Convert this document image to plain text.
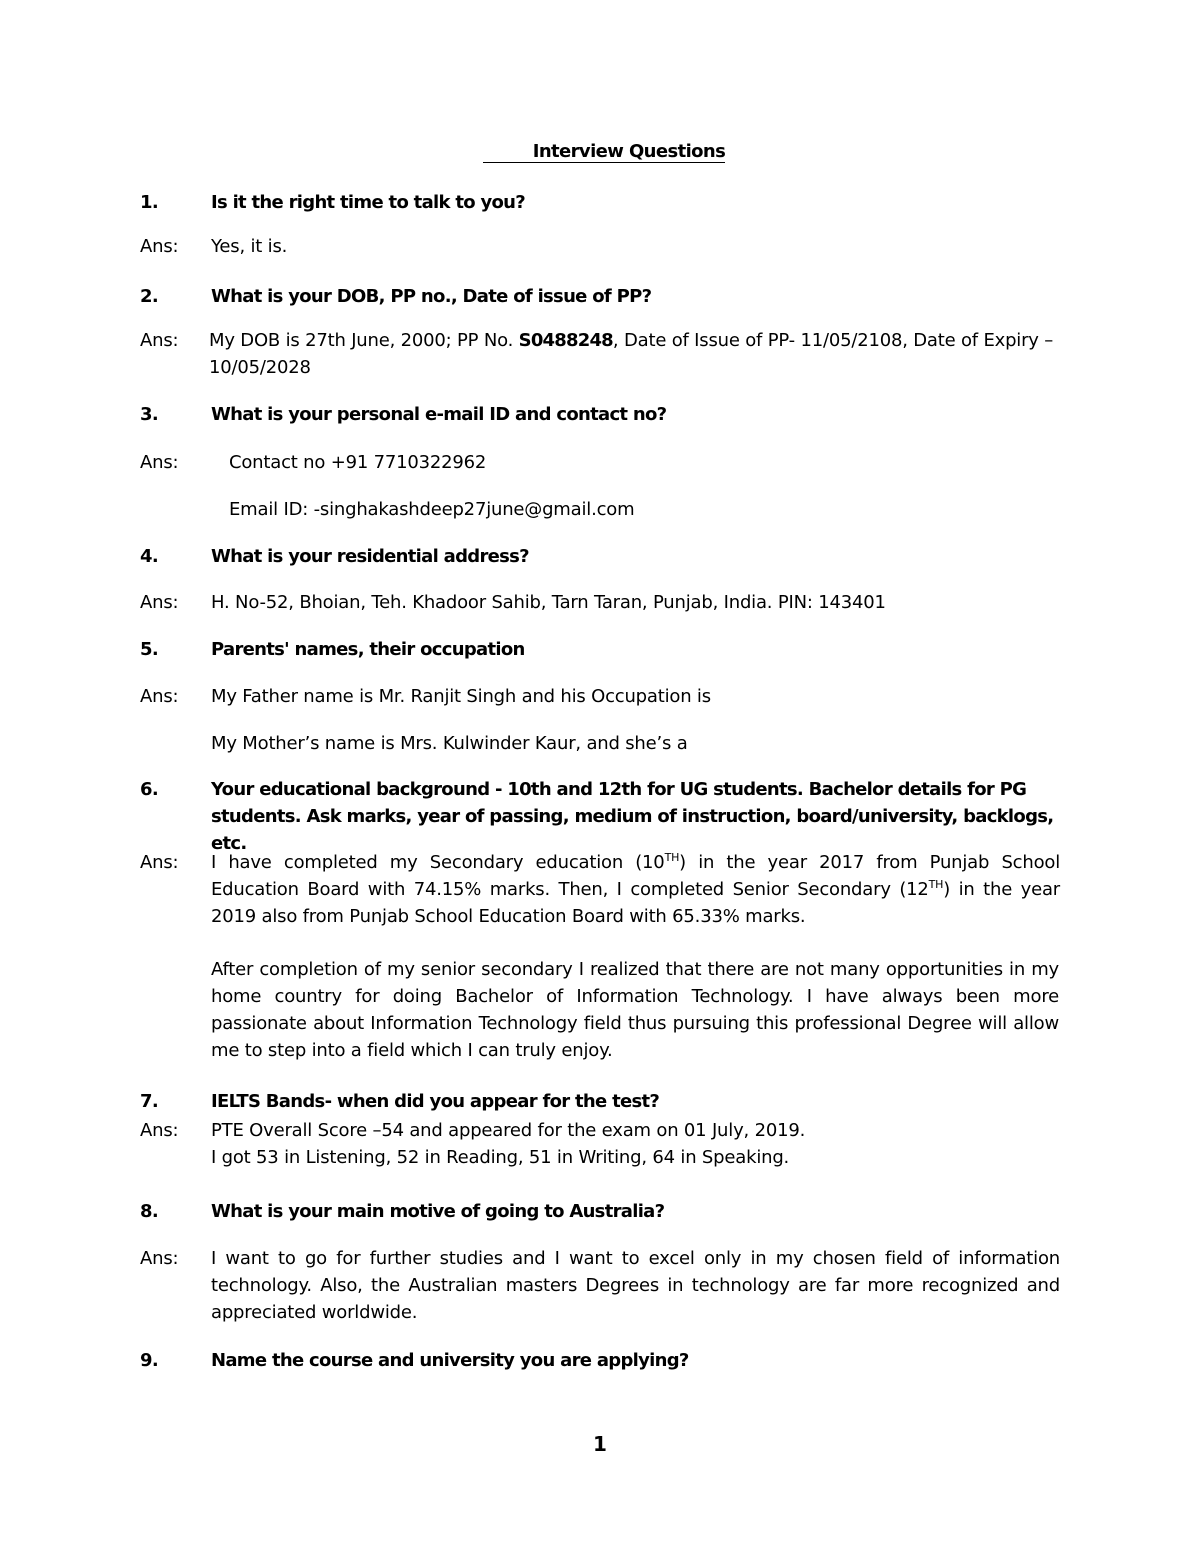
Interview Questions
1.	Is it the right time to talk to you?
Ans: Yes, it is.
2.	What is your DOB, PP no., Date of issue of PP?
Ans: My DOB is 27th June, 2000; PP No. S0488248, Date of Issue of PP- 11/05/2108, Date of Expiry – 10/05/2028
3.	What is your personal e-mail ID and contact no?
Ans:	Contact no +91 7710322962
Email ID: -singhakashdeep27june@gmail.com
4.	What is your residential address?
Ans: H. No-52, Bhoian, Teh. Khadoor Sahib, Tarn Taran, Punjab, India. PIN: 143401
5.	Parents' names, their occupation
Ans: My Father name is Mr. Ranjit Singh and his Occupation is
My Mother’s name is Mrs. Kulwinder Kaur, and she’s a
6.	Your educational background - 10th and 12th for UG students. Bachelor details for PG students. Ask marks, year of passing, medium of instruction, board/university, backlogs, etc.
Ans: I have completed my Secondary education (10TH) in the year 2017 from Punjab School Education Board with 74.15% marks. Then, I completed Senior Secondary (12TH) in the year 2019 also from Punjab School Education Board with 65.33% marks.
After completion of my senior secondary I realized that there are not many opportunities in my home country for doing Bachelor of Information Technology. I have always been more passionate about Information Technology field thus pursuing this professional Degree will allow me to step into a field which I can truly enjoy.
7.	IELTS Bands- when did you appear for the test?
Ans: PTE Overall Score –54 and appeared for the exam on 01 July, 2019.
I got 53 in Listening, 52 in Reading, 51 in Writing, 64 in Speaking.
8.	What is your main motive of going to Australia?
Ans: I want to go for further studies and I want to excel only in my chosen field of information technology. Also, the Australian masters Degrees in technology are far more recognized and appreciated worldwide.
9.	Name the course and university you are applying?
1
